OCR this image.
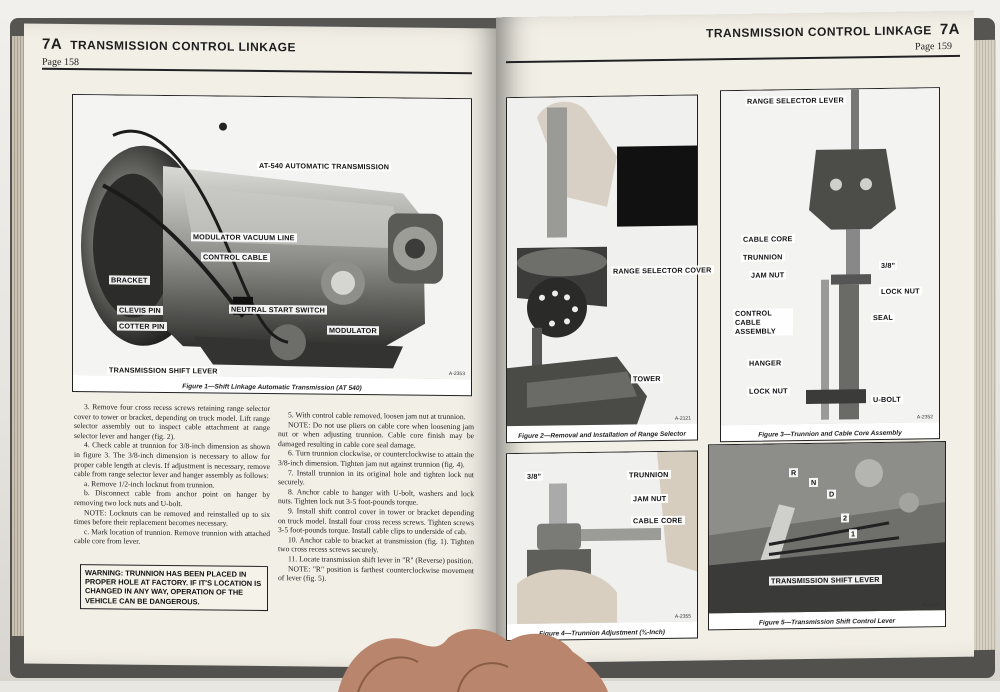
7A TRANSMISSION CONTROL LINKAGE
Page 158
AT-540 AUTOMATIC TRANSMISSION
MODULATOR VACUUM LINE
CONTROL CABLE
BRACKET
CLEVIS PIN
COTTER PIN
NEUTRAL START SWITCH
MODULATOR
TRANSMISSION SHIFT LEVER	A-2353
Figure 1—Shift Linkage Automatic Transmission (AT 540)

3. Remove four cross recess screws retaining range selector cover to tower or bracket, depending on truck model. Lift range selector assembly out to inspect cable attachment at range selector lever and hanger (fig. 2).

4. Check cable at trunnion for 3/8-inch dimension as shown in figure 3. The 3/8-inch dimension is necessary to allow for proper cable length at clevis. If adjustment is necessary, remove cable from range selector lever and hanger assembly as follows:

a. Remove 1/2-inch locknut from trunnion.

b. Disconnect cable from anchor point on hanger by removing two lock nuts and U-bolt.

NOTE: Locknuts can be removed and reinstalled up to six times before their replacement becomes necessary.

c. Mark location of trunnion. Remove trunnion with attached cable core from lever.

WARNING: TRUNNION HAS BEEN PLACED IN PROPER HOLE AT FACTORY. IF IT'S LOCATION IS CHANGED IN ANY WAY, OPERATION OF THE VEHICLE CAN BE DANGEROUS.

5. With control cable removed, loosen jam nut at trunnion.

NOTE: Do not use pliers on cable core when loosening jam nut or when adjusting trunnion. Cable core finish may be damaged resulting in cable core seal damage.

6. Turn trunnion clockwise, or counterclockwise to attain the 3/8-inch dimension. Tighten jam nut against trunnion (fig. 4).

7. Install trunnion in its original hole and tighten lock nut securely.

8. Anchor cable to hanger with U-bolt, washers and lock nuts. Tighten lock nut 3-5 foot-pounds torque.

9. Install shift control cover in tower or bracket depending on truck model. Install four cross recess screws. Tighten screws 3-5 foot-pounds torque. Install cable clips to underside of cab.

10. Anchor cable to bracket at transmission (fig. 1). Tighten two cross recess screws securely.

11. Locate transmission shift lever in "R" (Reverse) position.

NOTE: "R" position is farthest counterclockwise movement of lever (fig. 5).

TRANSMISSION CONTROL LINKAGE 7A
Page 159
RANGE SELECTOR COVER
TOWER
A-2121
Figure 2—Removal and Installation of Range Selector
RANGE SELECTOR LEVER
CABLE CORE
TRUNNION
JAM NUT
3/8"
LOCK NUT
CONTROL CABLE ASSEMBLY
SEAL
HANGER
LOCK NUT
U-BOLT
A-2352
Figure 3—Trunnion and Cable Core Assembly
3/8"	TRUNNION
JAM NUT
CABLE CORE
A-2355
Figure 4—Trunnion Adjustment (⅜-Inch)
R
N
D
2
1
TRANSMISSION SHIFT LEVER
A-2357
Figure 5—Transmission Shift Control Lever
